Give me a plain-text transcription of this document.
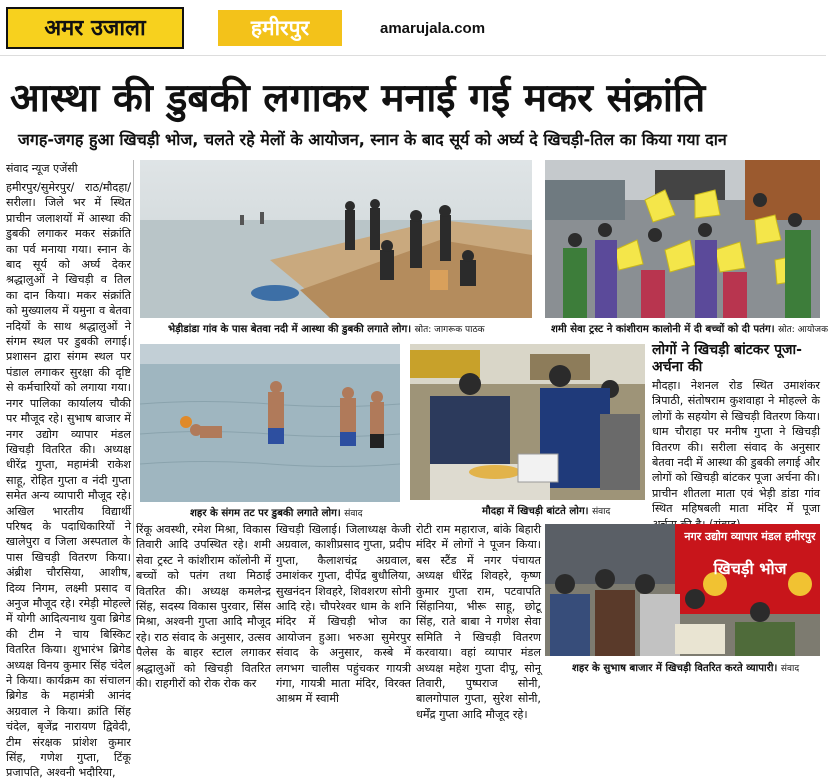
अमर उजाला	हमीरपुर	amarujala.com
आस्था की डुबकी लगाकर मनाई गई मकर संक्रांति
जगह-जगह हुआ खिचड़ी भोज, चलते रहे मेलों के आयोजन, स्नान के बाद सूर्य को अर्घ्य दे खिचड़ी-तिल का किया गया दान
संवाद न्यूज एजेंसी
हमीरपुर/सुमेरपुर/ राठ/मौदहा/सरीला। जिले भर में स्थित प्राचीन जलाशयों में आस्था की डुबकी लगाकर मकर संक्रांति का पर्व मनाया गया। स्नान के बाद सूर्य को अर्घ्य देकर श्रद्धालुओं ने खिचड़ी व तिल का दान किया। मकर संक्रांति को मुख्यालय में यमुना व बेतवा नदियों के साथ श्रद्धालुओं ने संगम स्थल पर डुबकी लगाई। प्रशासन द्वारा संगम स्थल पर पंडाल लगाकर सुरक्षा की दृष्टि से कर्मचारियों को लगाया गया। नगर पालिका कार्यालय चौकी पर मौजूद रहे। सुभाष बाजार में नगर उद्योग व्यापार मंडल खिचड़ी वितरित की। अध्यक्ष धीरेंद्र गुप्ता, महामंत्री राकेश साहू, रोहित गुप्ता व नंदी गुप्ता समेत अन्य व्यापारी मौजूद रहे। अखिल भारतीय विद्यार्थी परिषद के पदाधिकारियों ने खालेपुरा व जिला अस्पताल के पास खिचड़ी वितरण किया। अंब्रीश चौरसिया, आशीष, दिव्य निगम, लक्ष्मी प्रसाद व अनुज मौजूद रहे। रमेड़ी मोहल्ले में योगी आदित्यनाथ युवा ब्रिगेड की टीम ने चाय बिस्किट वितरित किया। शुभारंभ ब्रिगेड अध्यक्ष विनय कुमार सिंह चंदेल ने किया। कार्यक्रम का संचालन ब्रिगेड के महामंत्री आनंद अग्रवाल ने किया। क्रांति सिंह चंदेल, बृजेंद्र नारायण द्विवेदी, टीम संरक्षक प्रांशेश कुमार सिंह, गणेश गुप्ता, टिंकू प्रजापति, अश्वनी भदौरिया,
भेड़ीडांडा गांव के पास बेतवा नदी में आस्था की डुबकी लगाते लोग। स्रोत: जागरूक पाठक	शमी सेवा ट्रस्ट ने कांशीराम कालोनी में दी बच्चों को दी पतंग। स्रोत: आयोजक
शहर के संगम तट पर डुबकी लगाते लोग। संवाद	मौदहा में खिचड़ी बांटते लोग। संवाद
लोगों ने खिचड़ी बांटकर पूजा-अर्चना की
मौदहा। नेशनल रोड स्थित उमाशंकर त्रिपाठी, संतोषराम कुशवाहा ने मोहल्ले के लोगों के सहयोग से खिचड़ी वितरण किया। धाम चौराहा पर मनीष गुप्ता ने खिचड़ी वितरण की। सरीला संवाद के अनुसार बेतवा नदी में आस्था की डुबकी लगाई और लोगों को खिचड़ी बांटकर पूजा अर्चना की। प्राचीन शीतला माता एवं भेड़ी डांडा गांव स्थित महिषबली माता मंदिर में पूजा
रिंकू अवस्थी, रमेश मिश्रा, विकास तिवारी आदि उपस्थित रहे। शमी सेवा ट्रस्ट ने कांशीराम कॉलोनी में बच्चों को पतंग तथा मिठाई वितरित की। अध्यक्ष कमलेन्द्र सिंह, सदस्य विकास पुरवार, सिंस मिश्रा, अश्वनी गुप्ता आदि मौजूद रहे। राठ संवाद के अनुसार, उत्सव पैलेस के बाहर स्टाल लगाकर श्रद्धालुओं को खिचड़ी वितरित की। राहगीरों को रोक रोक कर
खिचड़ी खिलाई। जिलाध्यक्ष केजी अग्रवाल, काशीप्रसाद गुप्ता, प्रदीप गुप्ता, कैलाशचंद्र अग्रवाल, उमाशंकर गुप्ता, दीपेंद्र बुधौलिया, सुखनंदन शिवहरे, शिवशरण सोनी आदि रहे। चौपरेश्वर धाम के शनि मंदिर में खिचड़ी भोज का आयोजन हुआ। भरुआ सुमेरपुर संवाद के अनुसार, कस्बे में लगभग चालीस पहुंचकर गायत्री गंगा, गायत्री माता मंदिर, विरक्त आश्रम में स्वामी
रोटी राम महाराज, बांके बिहारी मंदिर में लोगों ने पूजन किया। बस स्टैंड में नगर पंचायत अध्यक्ष धीरेंद्र शिवहरे, कृष्ण कुमार गुप्ता राम, पटवापति सिंहानिया, भीरू साहू, छोटू सिंह, राते बाबा ने गणेश सेवा समिति ने खिचड़ी वितरण करवाया। वहां व्यापार मंडल अध्यक्ष महेश गुप्ता दीपू, सोनू तिवारी, पुष्पराज सोनी, बालगोपाल गुप्ता, सुरेश सोनी, धर्मेंद्र गुप्ता आदि मौजूद रहे।
खिचड़ी भोज
नगर उद्योग व्यापार मंडल हमीरपुर
शहर के सुभाष बाजार में खिचड़ी वितरित करते व्यापारी। संवाद
